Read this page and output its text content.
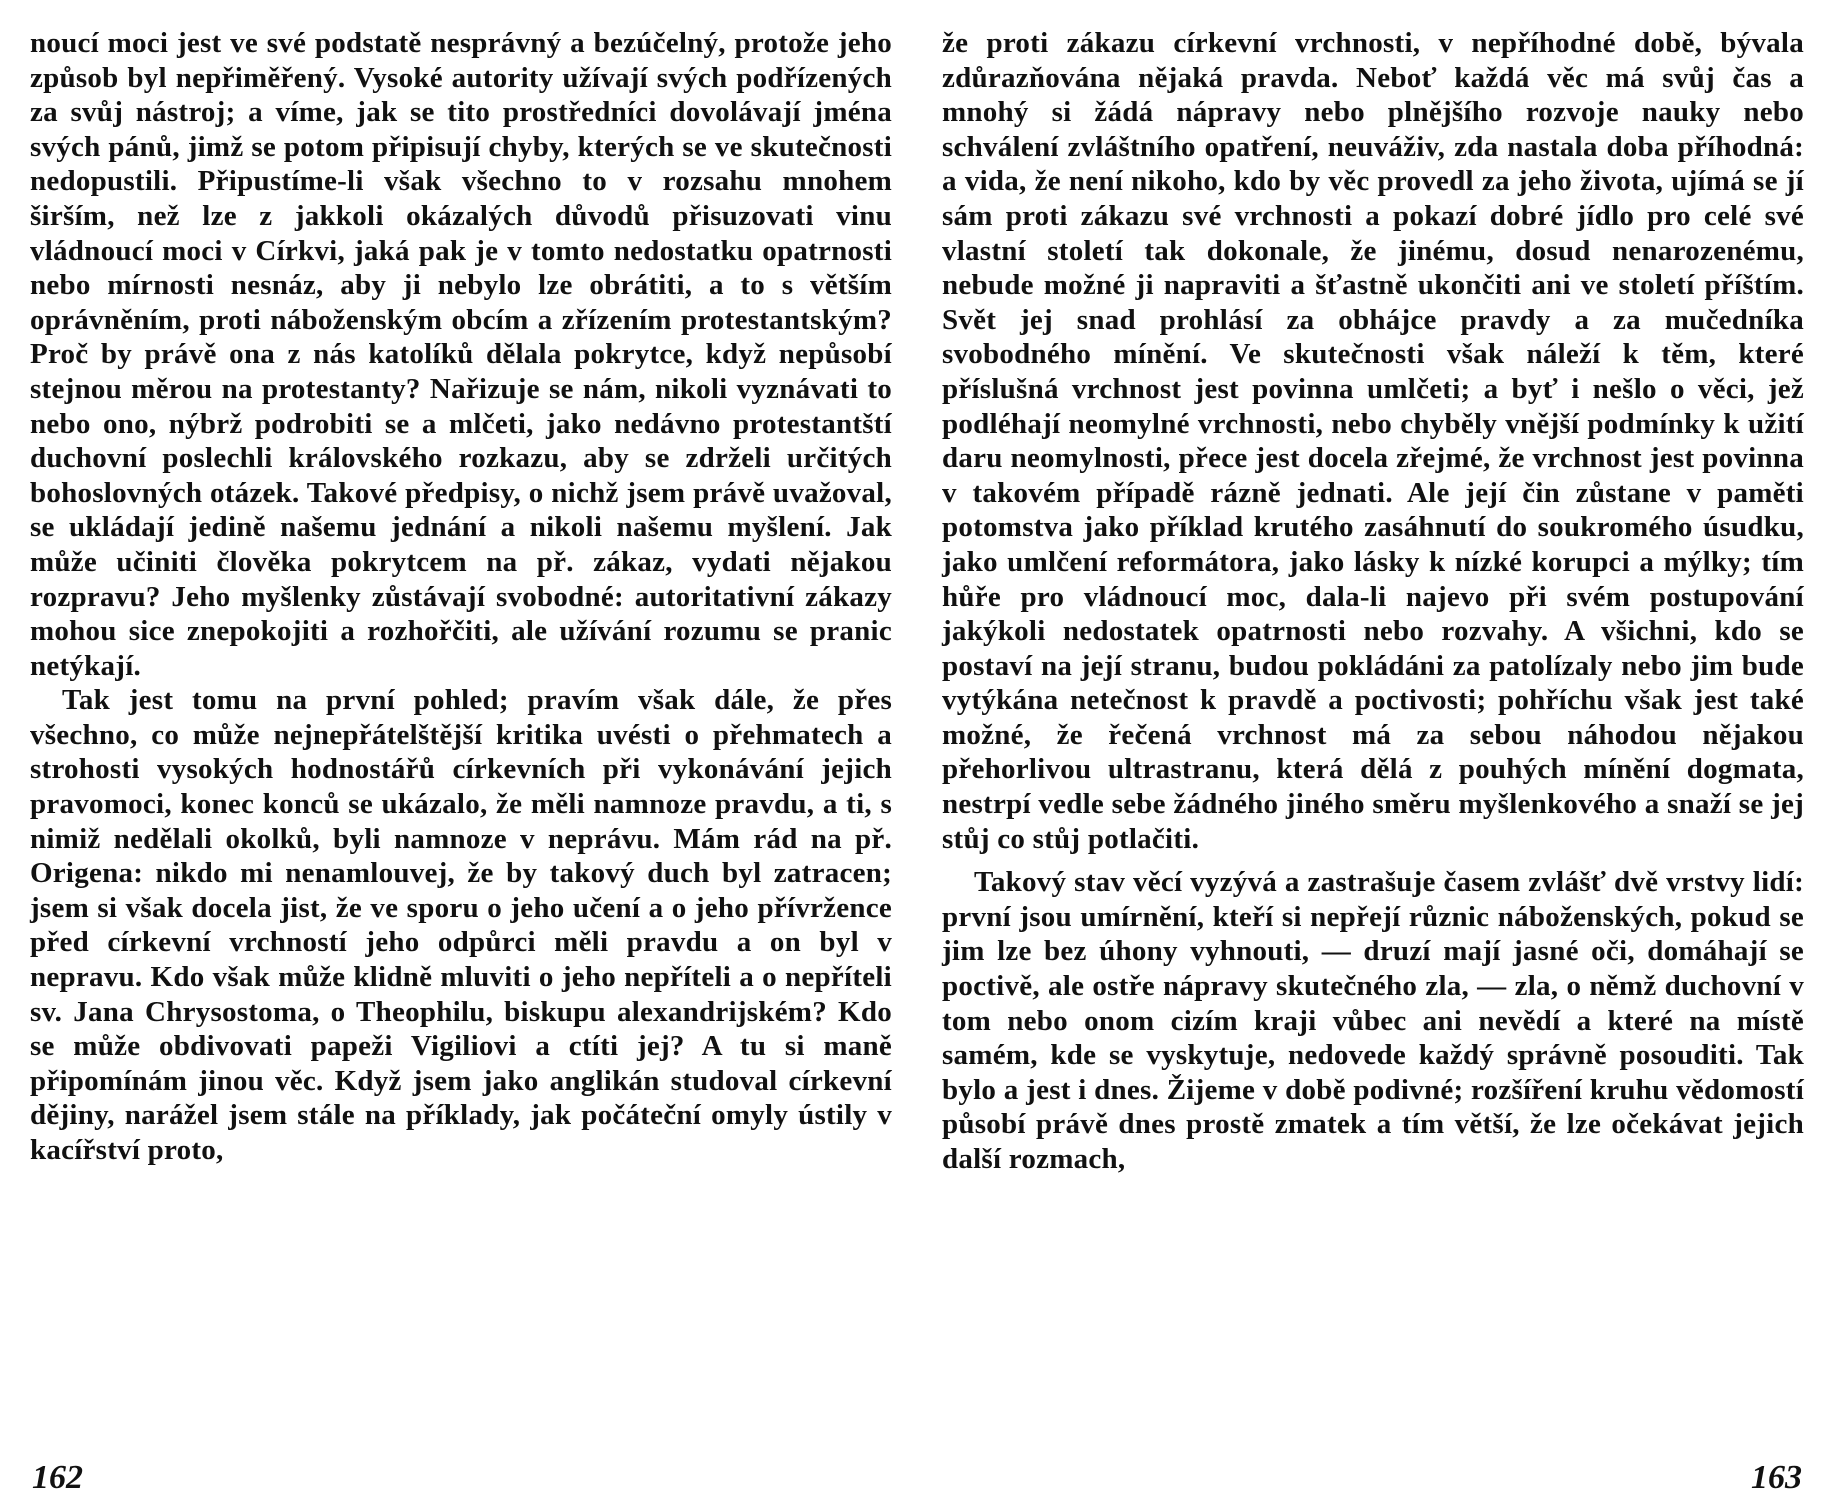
noucí moci jest ve své podstatě nesprávný a bezúčelný, protože jeho způsob byl nepřiměřený. Vysoké autority užívají svých podřízených za svůj nástroj; a víme, jak se tito prostředníci dovolávají jména svých pánů, jimž se potom připisují chyby, kterých se ve skutečnosti nedopustili. Připustíme-li však všechno to v rozsahu mnohem širším, než lze z jakkoli okázalých důvodů přisuzovati vinu vládnoucí moci v Církvi, jaká pak je v tomto nedostatku opatrnosti nebo mírnosti nesnáz, aby ji nebylo lze obrátiti, a to s větším oprávněním, proti náboženským obcím a zřízením protestantským? Proč by právě ona z nás katolíků dělala pokrytce, když nepůsobí stejnou měrou na protestanty? Nařizuje se nám, nikoli vyznávati to nebo ono, nýbrž podrobiti se a mlčeti, jako nedávno protestantští duchovní poslechli královského rozkazu, aby se zdrželi určitých bohoslovných otázek. Takové předpisy, o nichž jsem právě uvažoval, se ukládají jedině našemu jednání a nikoli našemu myšlení. Jak může učiniti člověka pokrytcem na př. zákaz, vydati nějakou rozpravu? Jeho myšlenky zůstávají svobodné: autoritativní zákazy mohou sice znepokojiti a rozhořčiti, ale užívání rozumu se pranic netýkají.

Tak jest tomu na první pohled; pravím však dále, že přes všechno, co může nejnepřátelštější kritika uvésti o přehmatech a strohosti vysokých hodnostářů církevních při vykonávání jejich pravomoci, konec konců se ukázalo, že měli namnoze pravdu, a ti, s nimiž nedělali okolků, byli namnoze v neprávu. Mám rád na př. Origena: nikdo mi nenamlouvej, že by takový duch byl zatracen; jsem si však docela jist, že ve sporu o jeho učení a o jeho přívržence před církevní vrchností jeho odpůrci měli pravdu a on byl v nepravu. Kdo však může klidně mluviti o jeho nepříteli a o nepříteli sv. Jana Chrysostoma, o Theophilu, biskupu alexandrijském? Kdo se může obdivovati papeži Vigiliovi a ctíti jej? A tu si maně připomínám jinou věc. Když jsem jako anglikán studoval církevní dějiny, narážel jsem stále na příklady, jak počáteční omyly ústily v kacířství proto,

162

že proti zákazu církevní vrchnosti, v nepříhodné době, bývala zdůrazňována nějaká pravda. Neboť každá věc má svůj čas a mnohý si žádá nápravy nebo plnějšího rozvoje nauky nebo schválení zvláštního opatření, neuváživ, zda nastala doba příhodná: a vida, že není nikoho, kdo by věc provedl za jeho života, ujímá se jí sám proti zákazu své vrchnosti a pokazí dobré jídlo pro celé své vlastní století tak dokonale, že jinému, dosud nenarozenému, nebude možné ji napraviti a šťastně ukončiti ani ve století příštím. Svět jej snad prohlásí za obhájce pravdy a za mučedníka svobodného mínění. Ve skutečnosti však náleží k těm, které příslušná vrchnost jest povinna umlčeti; a byť i nešlo o věci, jež podléhají neomylné vrchnosti, nebo chyběly vnější podmínky k užití daru neomylnosti, přece jest docela zřejmé, že vrchnost jest povinna v takovém případě rázně jednati. Ale její čin zůstane v paměti potomstva jako příklad krutého zasáhnutí do soukromého úsudku, jako umlčení reformátora, jako lásky k nízké korupci a mýlky; tím hůře pro vládnoucí moc, dala-li najevo při svém postupování jakýkoli nedostatek opatrnosti nebo rozvahy. A všichni, kdo se postaví na její stranu, budou pokládáni za patolízaly nebo jim bude vytýkána netečnost k pravdě a poctivosti; pohříchu však jest také možné, že řečená vrchnost má za sebou náhodou nějakou přehorlivou ultrastranu, která dělá z pouhých mínění dogmata, nestrpí vedle sebe žádného jiného směru myšlenkového a snaží se jej stůj co stůj potlačiti.

Takový stav věcí vyzývá a zastrašuje časem zvlášť dvě vrstvy lidí: první jsou umírnění, kteří si nepřejí různic náboženských, pokud se jim lze bez úhony vyhnouti, — druzí mají jasné oči, domáhají se poctivě, ale ostře nápravy skutečného zla, — zla, o němž duchovní v tom nebo onom cizím kraji vůbec ani nevědí a které na místě samém, kde se vyskytuje, nedovede každý správně posouditi. Tak bylo a jest i dnes. Žijeme v době podivné; rozšíření kruhu vědomostí působí právě dnes prostě zmatek a tím větší, že lze očekávat jejich další rozmach,

163
